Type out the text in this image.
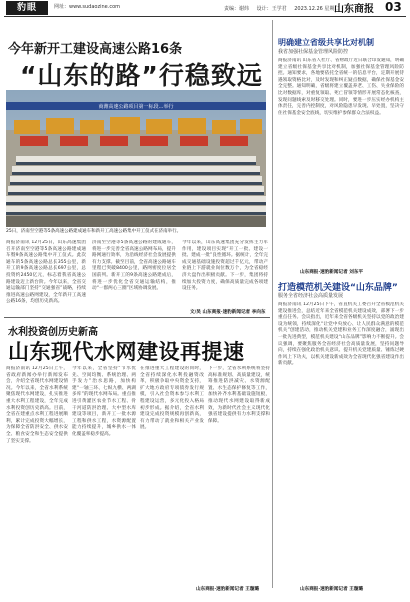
豹眼	网址：www.sudaozine.com	责编：谢炜 设计：王学君 2023.12.26 星期二
山东商报 03
今年新开工建设高速公路16条
“山东的路”行稳致远
商潍高速公路项目第一标段…举行
25日，济南至空港等5条高速公路建成通车和新开工高速公路集中开工仪式在济南举行。
商报济南讯 12月25日，山东高速集团召开济南至空港等5条高速公路建成通车暨9条高速公路集中开工仪式。此次通车的5条高速公路总长355公里，新开工的9条高速公路总长697公里，总投资约2450亿元，标志着我省高速公路建设迈上新台阶。今年以来，全省交通运输部门坚持“交通强省”战略，持续推进高速公路网建设，全年新开工高速公路16条，均创历史新高。
济南至空港等5条高速公路的建成通车，将进一步完善全省高速公路网布局，提升路网通行效率，为沿线经济社会发展提供有力支撑。截至目前，全省高速公路通车里程已突破8400公里，路网密度位居全国前列。新开工的9条高速公路建成后，将进一步优化全省交通运输结构，推动“一群两心三圈”区域协调发展。
今年以来，山东高速集团充分发挥主力军作用，建设项目实现“开工一批、建设一批、建成一批”良性循环。据统计，全年完成交通基础设施投资超过千亿元，带动产业链上下游就业岗位数万个，为全省稳经济大盘作出积极贡献。下一步，集团将持续加大投资力度，确保高质量完成各项建设任务。
文/吴 山东商报·速豹新闻记者 李向东
明确建立省级共享比对机制
我省加强社保基金管理风险防控
商报济南讯 山东省人社厅、省财政厅近日联合印发通知，明确建立省级社保基金共享比对机制，加强社保基金管理风险防控。通知要求，各地要依托全省统一的信息平台，定期开展待遇领取资格比对，及时发现和纠正疑点数据，确保社保基金安全完整。通知明确，省级将建立覆盖养老、工伤、失业保险的比对数据库，对重复领取、死亡冒领等情形开展常态化核查，发现问题线索及时移交处理。同时，要进一步压实经办机构主体责任，完善内控制度，对风险隐患早发现、早处置，坚决守住社保基金安全底线，切实维护参保群众合法权益。
山东商报·速豹新闻记者 刘东平
打造模范机关建设“山东品牌”
服务全省经济社会高质量发展
商报济南讯 12月25日下午，省直机关工委召开全省模范机关建设推进会，总结近年来全省模范机关建设成效，部署下一步重点任务。会议指出，近年来全省各级机关坚持以党的政治建设为统领，持续深化“让党中央放心、让人民群众满意的模范机关”创建活动，推动机关党建和业务工作深度融合，涌现出一批先进典型，模范机关建设“山东品牌”影响力不断提升。会议强调，要聚焦服务全省经济社会高质量发展，坚持问题导向，持续在强化政治机关意识、提升机关党建质量、锤炼过硬作风上下功夫，以机关建设新成效为全省现代化强省建设作出新贡献。
山东商报·速豹新闻记者 王璇璐
水利投资创历史新高
山东现代水网建设再提速
商报济南讯 12月25日上午，省政府新闻办举行新闻发布会，介绍全省现代水网建设情况。今年以来，全省水利系统聚焦现代水网建设，扎实推进重大水利工程建设，全年完成水利投资创历史新高。目前，全省在建重点水利工程进展顺利，累计完成投资大幅增长，为保障全省防洪安全、供水安全、粮食安全和生态安全提供了坚实支撑。
今年以来，全省坚持“节水优先、空间均衡、系统治理、两手发力”治水思路，加快构建“一轴三环、七纵九横、两湖多库”的现代水网布局。重点推进引黄灌区农业节水工程、骨干河道防洪治理、大中型水库建设等项目，新开工一批水源工程和供水工程，水资源配置能力持续提升，城乡供水一体化覆盖率稳步提高。
在推进重大工程建设的同时，全省持续深化水利投融资改革，积极争取中央资金支持，扩大地方政府专项债券发行规模，引入社会资本参与水利工程建设运营，多元化投入格局初步形成。据介绍，全省水利建设完成投资规模再创新高，有力带动了就业和相关产业发展。
下一步，全省水利系统将坚持高标准规划、高质量建设，统筹推进防洪减灾、水资源配置、水生态保护修复等工作，加快补齐水利基础设施短板，推动现代水网建设取得新成效，为新时代社会主义现代化强省建设提供有力水利支撑和保障。
山东商报·速豹新闻记者 王璇璐
